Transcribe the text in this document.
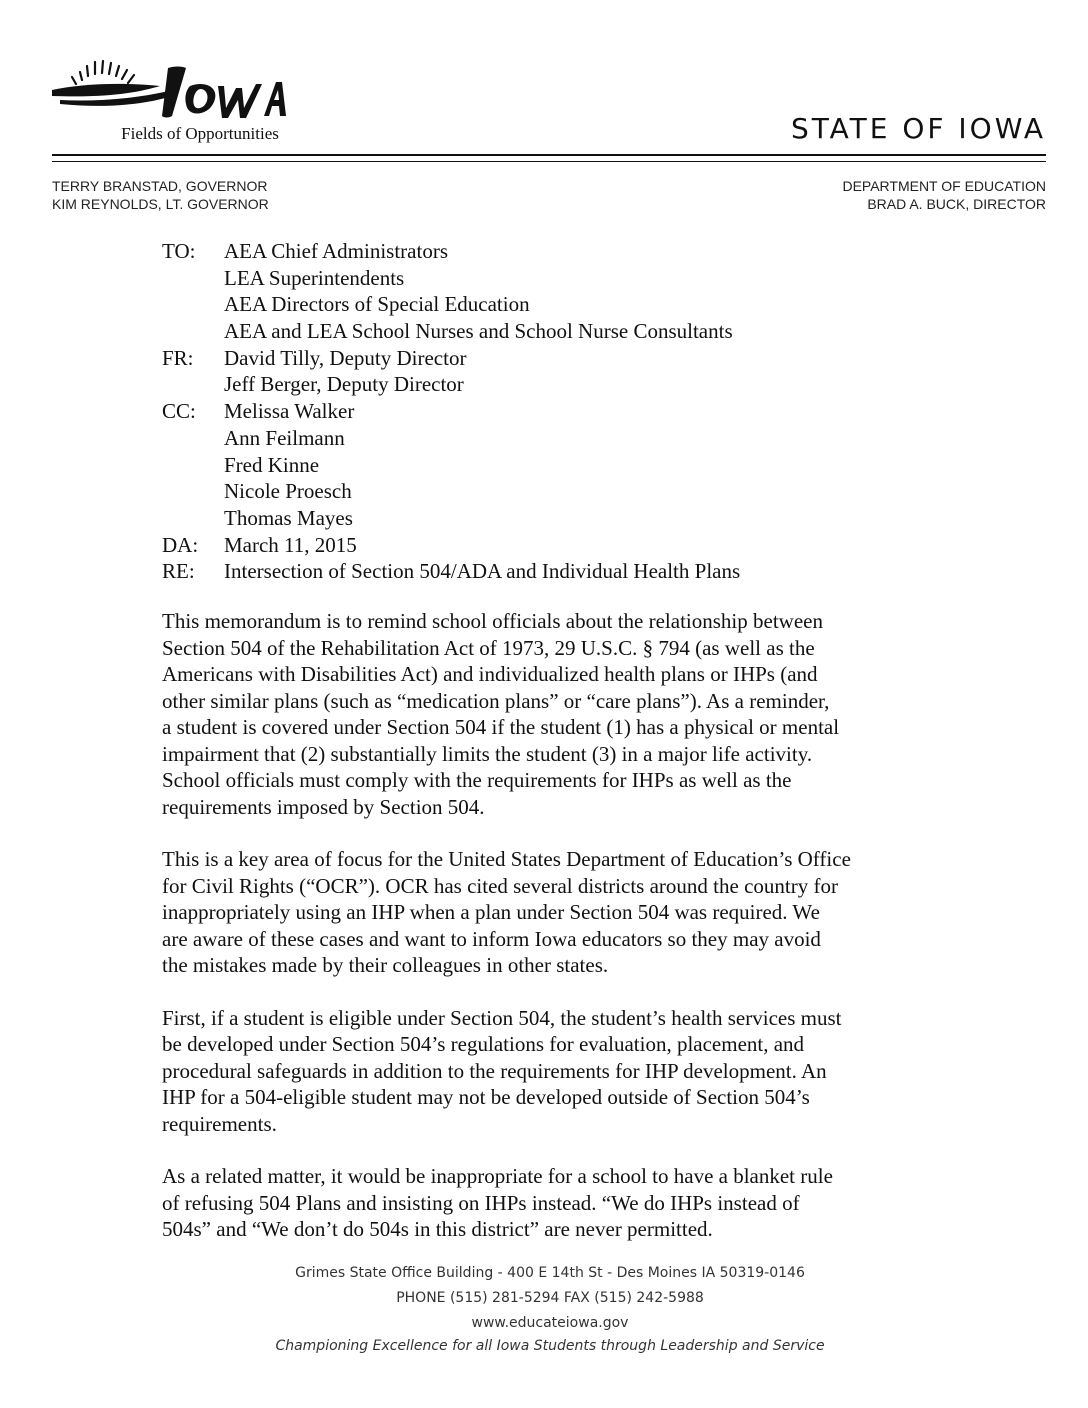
Fields of Opportunities	STATE OF IOWA
TERRY BRANSTAD, GOVERNOR
KIM REYNOLDS, LT. GOVERNOR
DEPARTMENT OF EDUCATION
BRAD A. BUCK, DIRECTOR
TO:	AEA Chief Administrators
LEA Superintendents
AEA Directors of Special Education
AEA and LEA School Nurses and School Nurse Consultants
FR:	David Tilly, Deputy Director
Jeff Berger, Deputy Director
CC:	Melissa Walker
Ann Feilmann
Fred Kinne
Nicole Proesch
Thomas Mayes
DA:	March 11, 2015
RE:	Intersection of Section 504/ADA and Individual Health Plans

This memorandum is to remind school officials about the relationship between
Section 504 of the Rehabilitation Act of 1973, 29 U.S.C. § 794 (as well as the
Americans with Disabilities Act) and individualized health plans or IHPs (and
other similar plans (such as “medication plans” or “care plans”). As a reminder,
a student is covered under Section 504 if the student (1) has a physical or mental
impairment that (2) substantially limits the student (3) in a major life activity.
School officials must comply with the requirements for IHPs as well as the
requirements imposed by Section 504.

This is a key area of focus for the United States Department of Education’s Office
for Civil Rights (“OCR”). OCR has cited several districts around the country for
inappropriately using an IHP when a plan under Section 504 was required. We
are aware of these cases and want to inform Iowa educators so they may avoid
the mistakes made by their colleagues in other states.

First, if a student is eligible under Section 504, the student’s health services must
be developed under Section 504’s regulations for evaluation, placement, and
procedural safeguards in addition to the requirements for IHP development. An
IHP for a 504-eligible student may not be developed outside of Section 504’s
requirements.

As a related matter, it would be inappropriate for a school to have a blanket rule
of refusing 504 Plans and insisting on IHPs instead. “We do IHPs instead of
504s” and “We don’t do 504s in this district” are never permitted.

Grimes State Office Building - 400 E 14th St - Des Moines IA 50319-0146
PHONE (515) 281-5294 FAX (515) 242-5988
www.educateiowa.gov
Championing Excellence for all Iowa Students through Leadership and Service
